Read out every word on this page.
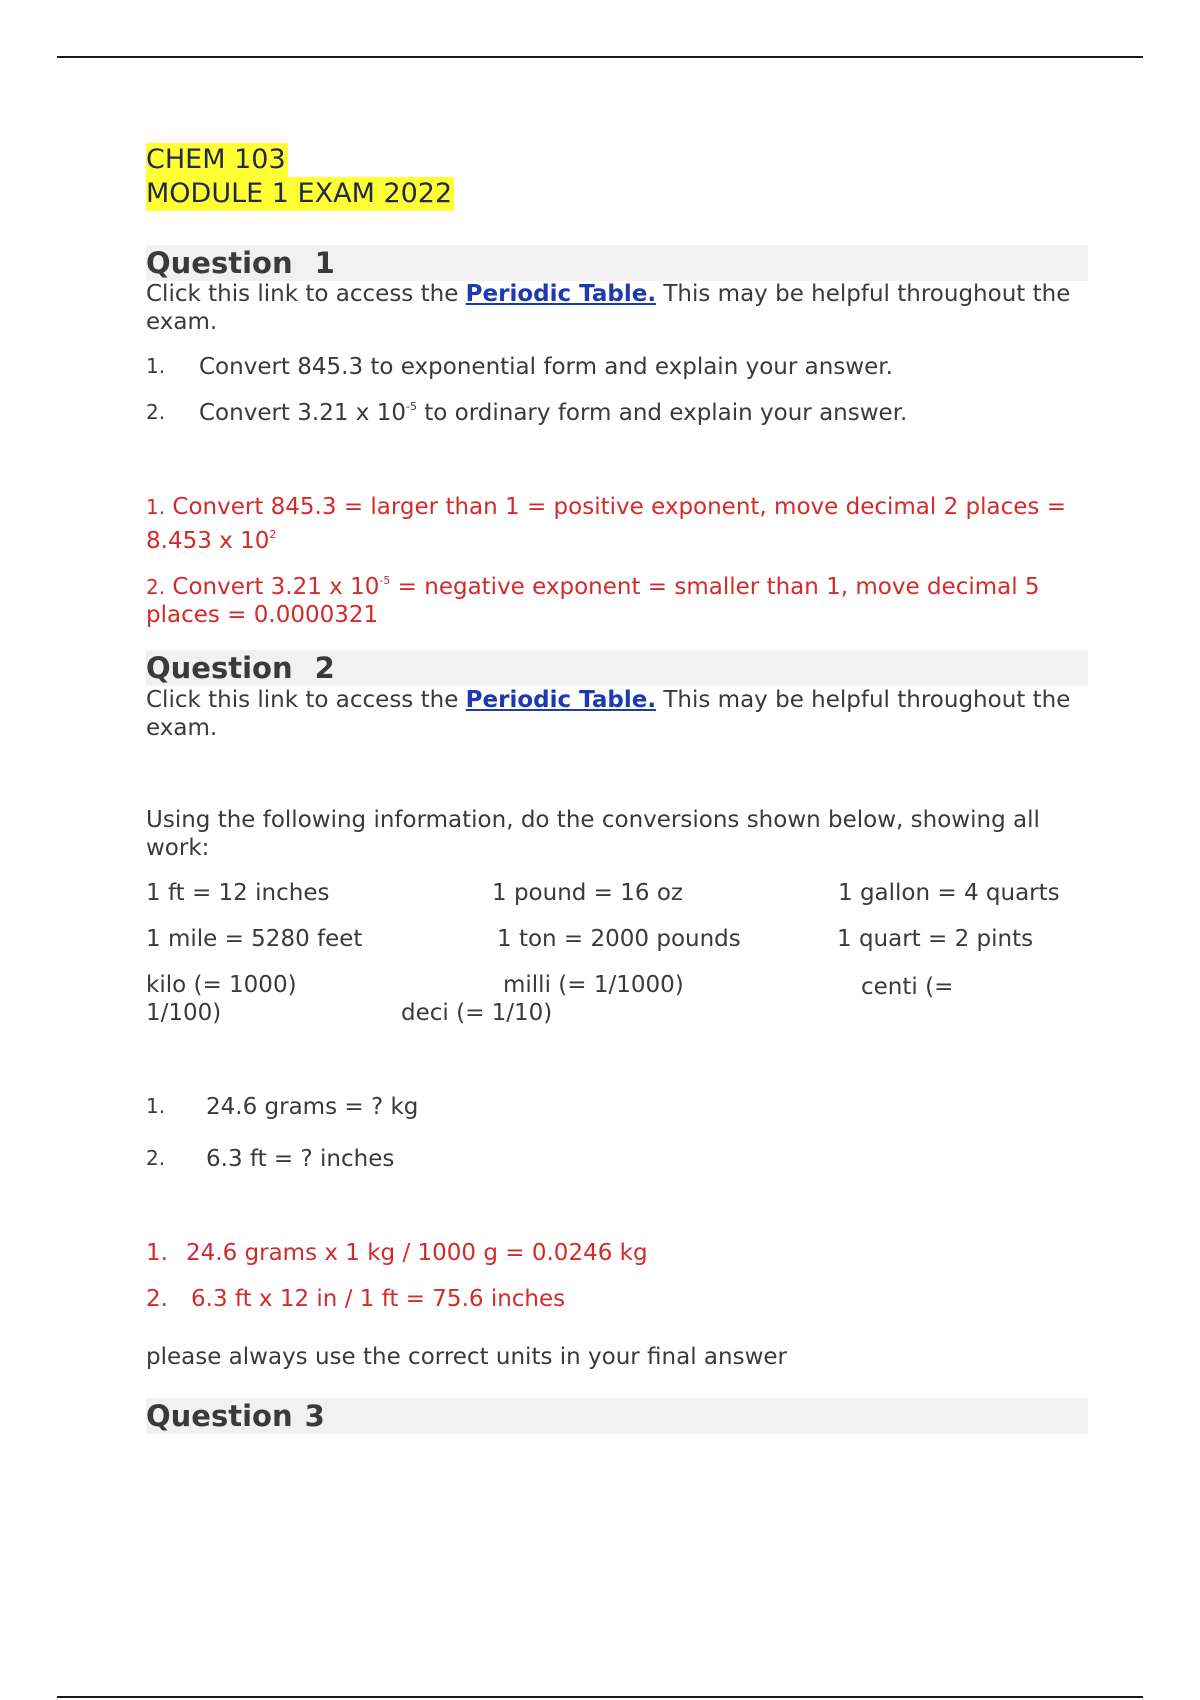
CHEM 103
MODULE 1 EXAM 2022
Question 1
Click this link to access the Periodic Table. This may be helpful throughout the exam.
1. Convert 845.3 to exponential form and explain your answer.
2. Convert 3.21 x $10^{-5}$ to ordinary form and explain your answer.
1. Convert 845.3 = larger than 1 = positive exponent, move decimal 2 places = 8.453 x $10^2$
2. Convert 3.21 x $10^{-5}$ = negative exponent = smaller than 1, move decimal 5 places = 0.0000321
Question 2
Click this link to access the Periodic Table. This may be helpful throughout the exam.
Using the following information, do the conversions shown below, showing all work:
1 ft = 12 inches	1 pound = 16 oz	1 gallon = 4 quarts
1 mile = 5280 feet	1 ton = 2000 pounds	1 quart = 2 pints
kilo (= 1000)	milli (= 1/1000)	centi (=
1/100)	deci (= 1/10)
1. 24.6 grams = ? kg
2. 6.3 ft = ? inches
1. 24.6 grams x 1 kg / 1000 g = 0.0246 kg
2. 6.3 ft x 12 in / 1 ft = 75.6 inches
please always use the correct units in your final answer
Question 3
